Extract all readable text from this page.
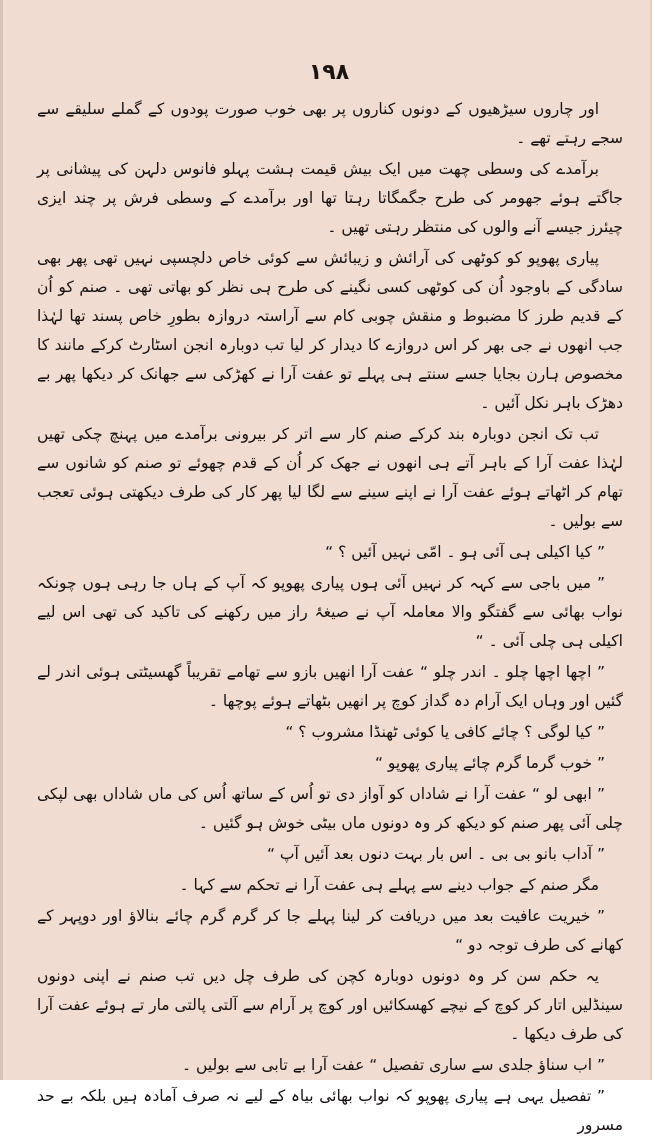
۱۹۸

اور چاروں سیڑھیوں کے دونوں کناروں پر بھی خوب صورت پودوں کے گملے سلیقے سے سجے رہتے تھے ۔

برآمدے کی وسطی چھت میں ایک بیش قیمت ہشت پہلو فانوس دلہن کی پیشانی پر جاگتے ہوئے جھومر کی طرح جگمگاتا رہتا تھا اور برآمدے کے وسطی فرش پر چند ایزی چیئرز جیسے آنے والوں کی منتظر رہتی تھیں ۔

پیاری پھوپو کو کوٹھی کی آرائش و زیبائش سے کوئی خاص دلچسپی نہیں تھی پھر بھی سادگی کے باوجود اُن کی کوٹھی کسی نگینے کی طرح ہی نظر کو بھاتی تھی ۔ صنم کو اُن کے قدیم طرز کا مضبوط و منقش چوبی کام سے آراستہ دروازہ بطورِ خاص پسند تھا لہٰذا جب انھوں نے جی بھر کر اس دروازے کا دیدار کر لیا تب دوبارہ انجن اسٹارٹ کرکے مانند کا مخصوص ہارن بجایا جسے سنتے ہی پہلے تو عفت آرا نے کھڑکی سے جھانک کر دیکھا پھر بے دھڑک باہر نکل آئیں ۔

تب تک انجن دوبارہ بند کرکے صنم کار سے اتر کر بیرونی برآمدے میں پہنچ چکی تھیں لہٰذا عفت آرا کے باہر آتے ہی انھوں نے جھک کر اُن کے قدم چھوئے تو صنم کو شانوں سے تھام کر اٹھاتے ہوئے عفت آرا نے اپنے سینے سے لگا لیا پھر کار کی طرف دیکھتی ہوئی تعجب سے بولیں ۔

” کیا اکیلی ہی آئی ہو ۔ امّی نہیں آئیں ؟ “

” میں باجی سے کہہ کر نہیں آئی ہوں پیاری پھوپو کہ آپ کے ہاں جا رہی ہوں چونکہ نواب بھائی سے گفتگو والا معاملہ آپ نے صیغۂ راز میں رکھنے کی تاکید کی تھی اس لیے اکیلی ہی چلی آئی ۔ “

” اچھا اچھا چلو ۔ اندر چلو “ عفت آرا انھیں بازو سے تھامے تقریباً گھسیٹتی ہوئی اندر لے گئیں اور وہاں ایک آرام دہ گداز کوچ پر انھیں بٹھاتے ہوئے پوچھا ۔

” کیا لوگی ؟ چائے کافی یا کوئی ٹھنڈا مشروب ؟ “

” خوب گرما گرم چائے پیاری پھوپو “

” ابھی لو “ عفت آرا نے شاداں کو آواز دی تو اُس کے ساتھ اُس کی ماں شاداں بھی لپکی چلی آئی پھر صنم کو دیکھ کر وہ دونوں ماں بیٹی خوش ہو گئیں ۔

” آداب بانو بی بی ۔ اس بار بہت دنوں بعد آئیں آپ “

مگر صنم کے جواب دینے سے پہلے ہی عفت آرا نے تحکم سے کہا ۔

” خیریت عافیت بعد میں دریافت کر لینا پہلے جا کر گرم گرم چائے بنالاؤ اور دوپہر کے کھانے کی طرف توجہ دو “

یہ حکم سن کر وہ دونوں دوبارہ کچن کی طرف چل دیں تب صنم نے اپنی دونوں سینڈلیں اتار کر کوچ کے نیچے کھسکائیں اور کوچ پر آرام سے آلتی پالتی مار تے ہوئے عفت آرا کی طرف دیکھا ۔

” اب سناؤ جلدی سے ساری تفصیل “ عفت آرا بے تابی سے بولیں ۔

” تفصیل یہی ہے پیاری پھوپو کہ نواب بھائی بیاہ کے لیے نہ صرف آمادہ ہیں بلکہ بے حد مسرور
